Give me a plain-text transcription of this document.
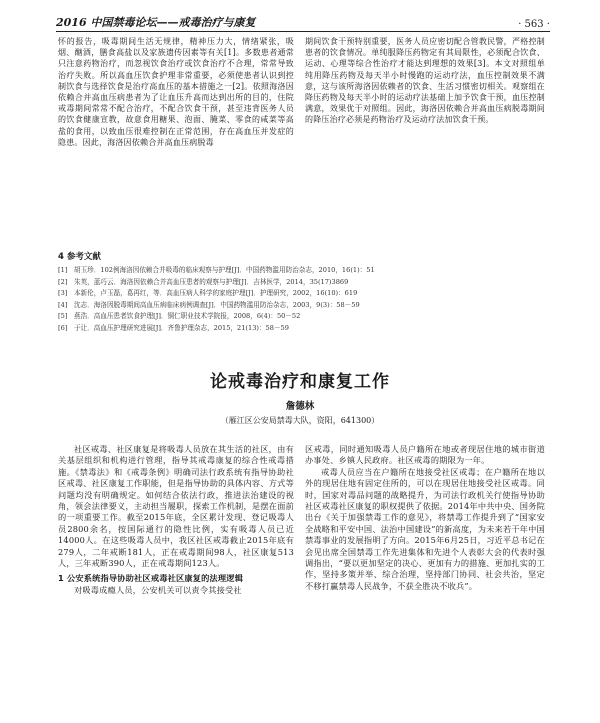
2016 中国禁毒论坛——戒毒治疗与康复	· 563 ·

怀的报告，吸毒期间生活无规律，精神压力大，情绪紧张，吸烟、酗酒，膳食高盐以及家族遗传因素等有关[1]。多数患者通常只注意药物治疗，而忽视饮食治疗或饮食治疗不合理，常常导致治疗失败。所以高血压饮食护理非常重要，必须使患者认识到控制饮食与选择饮食是治疗高血压的基本措施之一[2]。依照海洛因依赖合并高血压病患者为了让血压升高而达到出所的目的，住院戒毒期间常常不配合治疗，不配合饮食干预，甚至违背医务人员的饮食健康宣教，故意食用糖果、泡面、腌菜、零食的咸菜等高盐的食用，以致血压很难控制在正常范围，存在高血压并发症的隐患。因此，海洛因依赖合并高血压病脱毒

期间饮食干预特别重要，医务人员应密切配合管教民警，严格控制患者的饮食情况。单纯服降压药物定有其局限性，必须配合饮食、运动、心理等综合性治疗才能达到理想的效果[3]。本文对照组单纯用降压药物及每天半小时慢跑的运动疗法，血压控制效果不满意，这与该所海洛因依赖者的饮食、生活习惯密切相关。观察组在降压药物及每天半小时的运动疗法基础上加予饮食干预，血压控制满意，效果优于对照组。因此，海洛因依赖合并高血压病脱毒期间的降压治疗必须是药物治疗及运动疗法加饮食干预。

4 参考文献
[1] 胡玉珍．102例海洛因依赖合并吸毒的临床观察与护理[J]．中国药物滥用防治杂志，2010，16(1)：51
[2] 朱英，蓝巧云．海洛因依赖合并高血压患者的观察与护理[J]．吉林医学，2014，35(17)3869
[3] 本新伦，卢玉磊，葛再红，等．高血压病人科学的家庭护理[J]．护理研究，2002，16(10)：619
[4] 沈志．海洛因脱毒期间高血压病临床病例调查[J]．中国药物滥用防治杂志，2003，9(3)：58－59
[5] 燕浩．高血压患者饮食护理[J]．铜仁职业技术学院报，2008，6(4)：50－52
[6] 于让．高血压护理研究进展[J]．齐鲁护理杂志，2015，21(13)：58－59
论戒毒治疗和康复工作
詹德林
（雁江区公安局禁毒大队，资阳，641300）

社区戒毒、社区康复是将吸毒人员放在其生活的社区，由有关基层组织和机构进行管理，指导其戒毒康复的综合性戒毒措施。《禁毒法》和《戒毒条例》明确司法行政系统有指导协助社区戒毒、社区康复工作职能，但是指导协助的具体内容、方式等问题均没有明确规定。如何结合依法行政，推进法治建设的视角，领会法律要义，主动担当履职，探索工作机制，是摆在面前的一项重要工作。截至2015年底，全区累计发现、登记吸毒人员2800余名，按国际通行的隐性比例，实有吸毒人员已近14000人。在这些吸毒人员中，我区社区戒毒截止2015年底有279人，二年戒断181人，正在戒毒期间98人，社区康复513人，三年戒断390人，正在戒毒期间123人。

1 公安系统指导协助社区戒毒社区康复的法理逻辑

对吸毒成瘾人员，公安机关可以责令其接受社

区戒毒，同时通知吸毒人员户籍所在地或者现居住地的城市街道办事处、乡镇人民政府。社区戒毒的期限为一年。

戒毒人员应当在户籍所在地接受社区戒毒；在户籍所在地以外的现居住地有固定住所的，可以在现居住地接受社区戒毒。同时，国家对毒品问题的战略提升，为司法行政机关行使指导协助社区戒毒社区康复的职权提供了依据。2014年中共中央、国务院出台《关于加强禁毒工作的意见》，将禁毒工作提升到了“国家安全战略和平安中国、法治中国建设”的新高度，为未来若干年中国禁毒事业的发展指明了方向。2015年6月25日，习近平总书记在会见出席全国禁毒工作先进集体和先进个人表彰大会的代表时强调指出，“要以更加坚定的决心、更加有力的措施、更加扎实的工作，坚持多策并举、综合治理，坚持部门协同、社会共治，坚定不移打赢禁毒人民战争，不获全胜决不收兵”。
